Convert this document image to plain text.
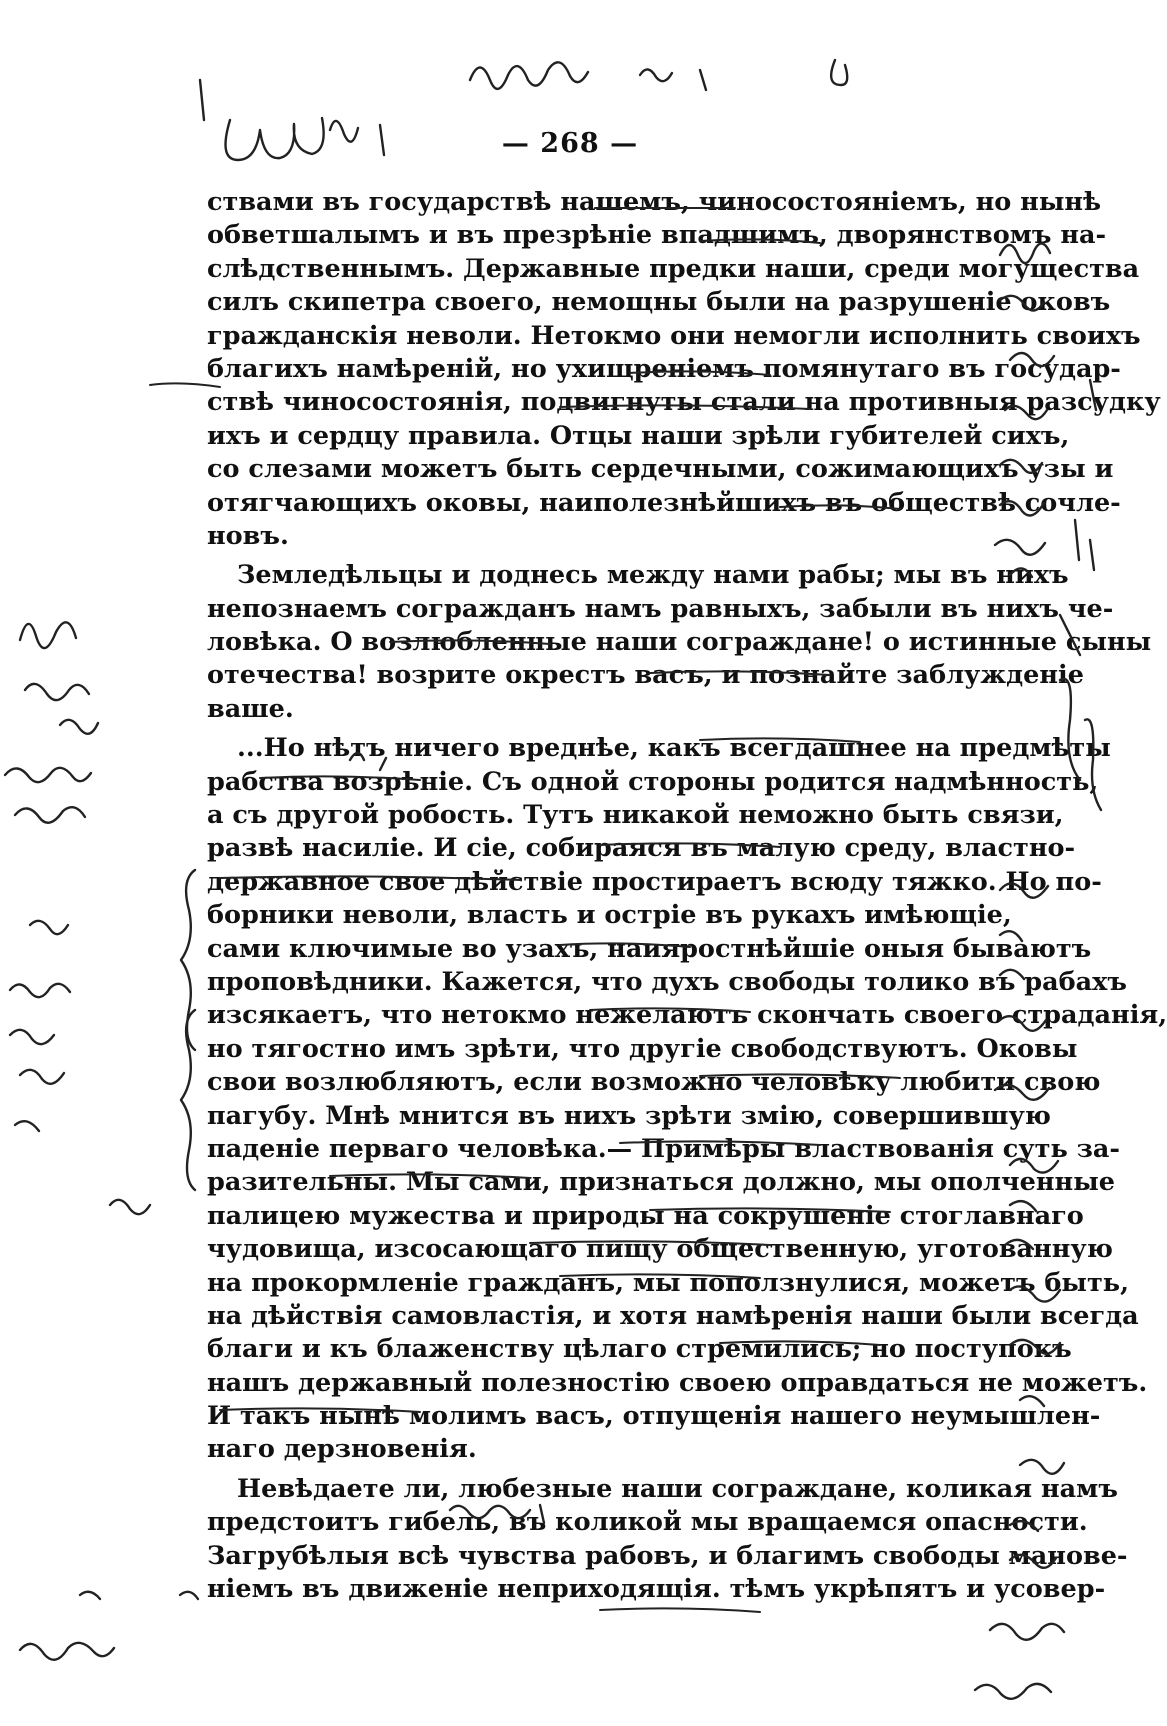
— 268 —
ствами въ государствѣ нашемъ, чиносостояніемъ, но нынѣ
обветшалымъ и въ презрѣніе впадшимъ, дворянствомъ на-
слѣдственнымъ. Державные предки наши, среди могущества
силъ скипетра своего, немощны были на разрушеніе оковъ
гражданскія неволи. Нетокмо они немогли исполнить своихъ
благихъ намѣреній, но ухищреніемъ помянутаго въ государ-
ствѣ чиносостоянія, подвигнуты стали на противныя разсудку
ихъ и сердцу правила. Отцы наши зрѣли губителей сихъ,
со слезами можетъ быть сердечными, сожимающихъ узы и
отягчающихъ оковы, наиполезнѣйшихъ въ обществѣ сочле-
новъ.
Земледѣльцы и доднесь между нами рабы; мы въ нихъ
непознаемъ согражданъ намъ равныхъ, забыли въ нихъ че-
ловѣка. О возлюбленные наши сограждане! о истинные сыны
отечества! возрите окрестъ васъ, и познайте заблужденіе
ваше.
...Но нѣтъ ничего вреднѣе, какъ всегдашнее на предмѣты
рабства возрѣніе. Съ одной стороны родится надмѣнность,
а съ другой робость. Тутъ никакой неможно быть связи,
развѣ насиліе. И сіе, собираяся въ малую среду, властно-
державное свое дѣйствіе простираетъ всюду тяжко. Но по-
борники неволи, власть и остріе въ рукахъ имѣющіе,
сами ключимые во узахъ, наияростнѣйшіе оныя бываютъ
проповѣдники. Кажется, что духъ свободы толико въ рабахъ
изсякаетъ, что нетокмо нежелаютъ скончать своего страданія,
но тягостно имъ зрѣти, что другіе свободствуютъ. Оковы
свои возлюбляютъ, если возможно человѣку любити свою
пагубу. Мнѣ мнится въ нихъ зрѣти змію, совершившую
паденіе перваго человѣка.— Примѣры властвованія суть за-
разительны. Мы сами, признаться должно, мы ополченные
палицею мужества и природы на сокрушеніе стоглавнаго
чудовища, изсосающаго пищу общественную, уготованную
на прокормленіе гражданъ, мы поползнулися, можетъ быть,
на дѣйствія самовластія, и хотя намѣренія наши были всегда
благи и къ блаженству цѣлаго стремились; но поступокъ
нашъ державный полезностію своею оправдаться не можетъ.
И такъ нынѣ молимъ васъ, отпущенія нашего неумышлен-
наго дерзновенія.
Невѣдаете ли, любезные наши сограждане, коликая намъ
предстоитъ гибель, въ коликой мы вращаемся опасности.
Загрубѣлыя всѣ чувства рабовъ, и благимъ свободы манове-
ніемъ въ движеніе неприходящія. тѣмъ укрѣпятъ и усовер-
